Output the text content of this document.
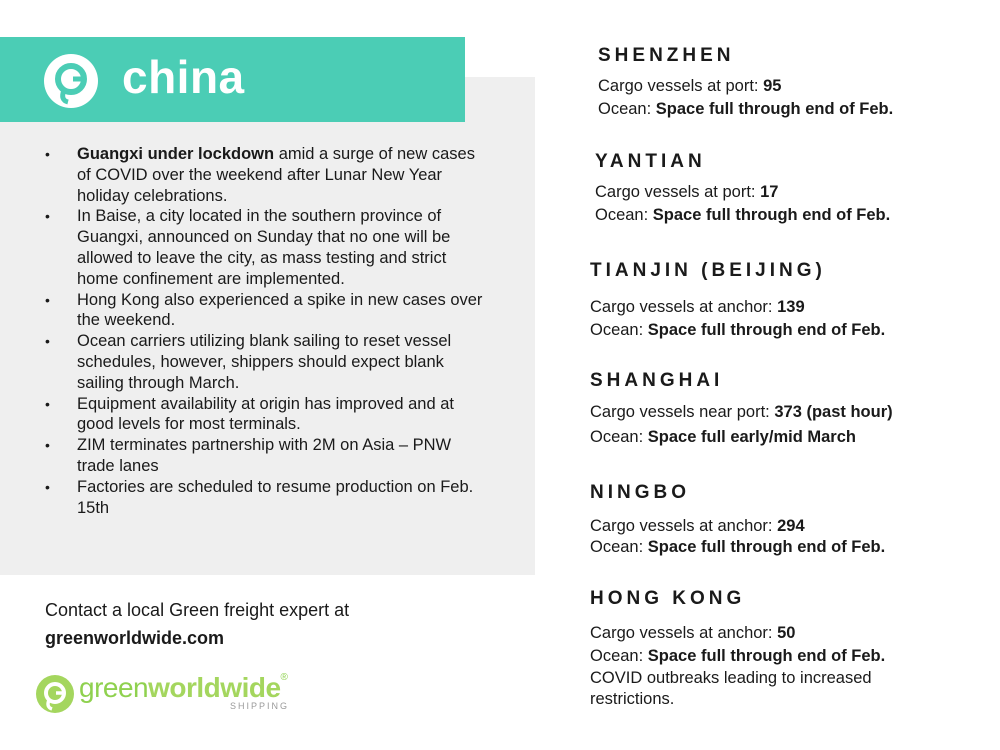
china
• Guangxi under lockdown amid a surge of new cases of COVID over the weekend after Lunar New Year holiday celebrations.
• In Baise, a city located in the southern province of Guangxi, announced on Sunday that no one will be allowed to leave the city, as mass testing and strict home confinement are implemented.
• Hong Kong also experienced a spike in new cases over the weekend.
• Ocean carriers utilizing blank sailing to reset vessel schedules, however, shippers should expect blank sailing through March.
• Equipment availability at origin has improved and at good levels for most terminals.
• ZIM terminates partnership with 2M on Asia – PNW trade lanes
• Factories are scheduled to resume production on Feb. 15th
Contact a local Green freight expert at
greenworldwide.com
greenworldwide®
SHIPPING
SHENZHEN
Cargo vessels at port: 95
Ocean: Space full through end of Feb.
YANTIAN
Cargo vessels at port: 17
Ocean: Space full through end of Feb.
TIANJIN (BEIJING)
Cargo vessels at anchor: 139
Ocean: Space full through end of Feb.
SHANGHAI
Cargo vessels near port: 373 (past hour)
Ocean: Space full early/mid March
NINGBO
Cargo vessels at anchor: 294
Ocean: Space full through end of Feb.
HONG KONG
Cargo vessels at anchor: 50
Ocean: Space full through end of Feb.
COVID outbreaks leading to increased restrictions.
